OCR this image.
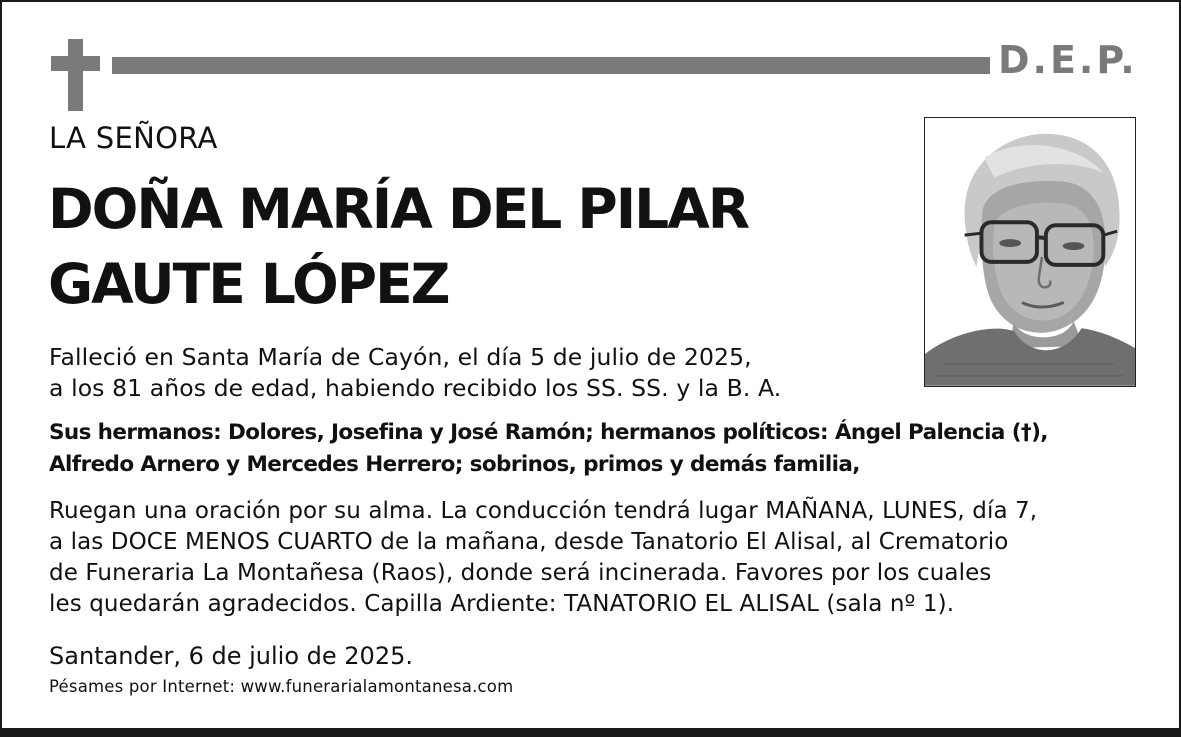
D.E.P.
LA SEÑORA
DOÑA MARÍA DEL PILAR
GAUTE LÓPEZ
Falleció en Santa María de Cayón, el día 5 de julio de 2025,
a los 81 años de edad, habiendo recibido los SS. SS. y la B. A.
Sus hermanos: Dolores, Josefina y José Ramón; hermanos políticos: Ángel Palencia (†),
Alfredo Arnero y Mercedes Herrero; sobrinos, primos y demás familia,
Ruegan una oración por su alma. La conducción tendrá lugar MAÑANA, LUNES, día 7,
a las DOCE MENOS CUARTO de la mañana, desde Tanatorio El Alisal, al Crematorio
de Funeraria La Montañesa (Raos), donde será incinerada. Favores por los cuales
les quedarán agradecidos. Capilla Ardiente: TANATORIO EL ALISAL (sala nº 1).
Santander, 6 de julio de 2025.
Pésames por Internet: www.funerarialamontanesa.com
